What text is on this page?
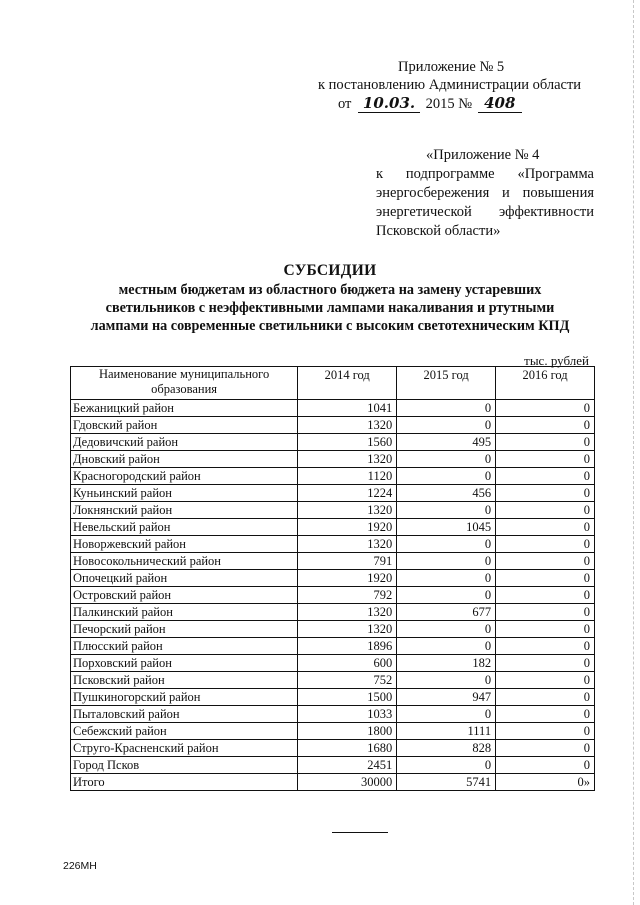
Приложение № 5
к постановлению Администрации области
от 10.03. 2015 № 408
«Приложение № 4
к подпрограмме «Программа
энергосбережения и повышения
энергетической эффективности
Псковской области»
СУБСИДИИ
местным бюджетам из областного бюджета на замену устаревших
светильников с неэффективными лампами накаливания и ртутными
лампами на современные светильники с высоким светотехническим КПД
тыс. рублей
Наименование муниципального образования	2014 год	2015 год	2016 год
Бежаницкий район	1041	0	0
Гдовский район	1320	0	0
Дедовичский район	1560	495	0
Дновский район	1320	0	0
Красногородский район	1120	0	0
Куньинский район	1224	456	0
Локнянский район	1320	0	0
Невельский район	1920	1045	0
Новоржевский район	1320	0	0
Новосокольнический район	791	0	0
Опочецкий район	1920	0	0
Островский район	792	0	0
Палкинский район	1320	677	0
Печорский район	1320	0	0
Плюсский район	1896	0	0
Порховский район	600	182	0
Псковский район	752	0	0
Пушкиногорский район	1500	947	0
Пыталовский район	1033	0	0
Себежский район	1800	1111	0
Струго-Красненский район	1680	828	0
Город Псков	2451	0	0
Итого	30000	5741	0»
226МН
